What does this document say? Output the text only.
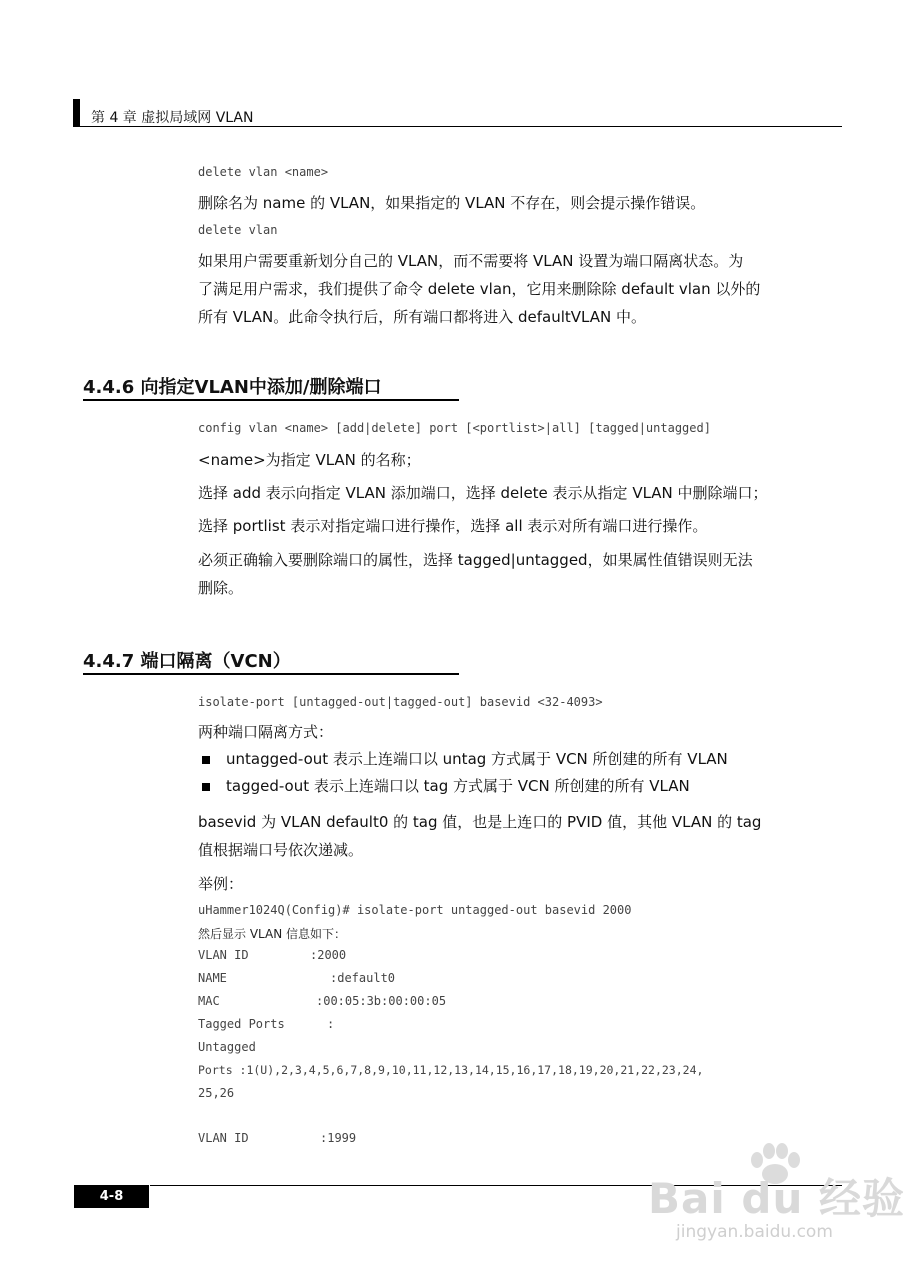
第 4 章 虚拟局域网 VLAN
delete vlan <name>
删除名为 name 的 VLAN，如果指定的 VLAN 不存在，则会提示操作错误。
delete vlan
如果用户需要重新划分自己的 VLAN，而不需要将 VLAN 设置为端口隔离状态。为
了满足用户需求，我们提供了命令 delete vlan，它用来删除除 default vlan 以外的
所有 VLAN。此命令执行后，所有端口都将进入 defaultVLAN 中。
4.4.6 向指定VLAN中添加/删除端口
config vlan <name> [add|delete] port [<portlist>|all] [tagged|untagged]
<name>为指定 VLAN 的名称；
选择 add 表示向指定 VLAN 添加端口，选择 delete 表示从指定 VLAN 中删除端口；
选择 portlist 表示对指定端口进行操作，选择 all 表示对所有端口进行操作。
必须正确输入要删除端口的属性，选择 tagged|untagged，如果属性值错误则无法
删除。
4.4.7 端口隔离（VCN）
isolate-port [untagged-out|tagged-out] basevid <32-4093>
两种端口隔离方式：
untagged-out 表示上连端口以 untag 方式属于 VCN 所创建的所有 VLAN
tagged-out 表示上连端口以 tag 方式属于 VCN 所创建的所有 VLAN
basevid 为 VLAN default0 的 tag 值，也是上连口的 PVID 值，其他 VLAN 的 tag
值根据端口号依次递减。
举例：
uHammer1024Q(Config)# isolate-port untagged-out basevid 2000
然后显示 VLAN 信息如下：
VLAN ID	:2000
NAME	:default0
MAC	:00:05:3b:00:00:05
Tagged Ports	:
Untagged
Ports :1(U),2,3,4,5,6,7,8,9,10,11,12,13,14,15,16,17,18,19,20,21,22,23,24,
25,26
VLAN ID	:1999
4-8	Bai du 经验
jingyan.baidu.com
